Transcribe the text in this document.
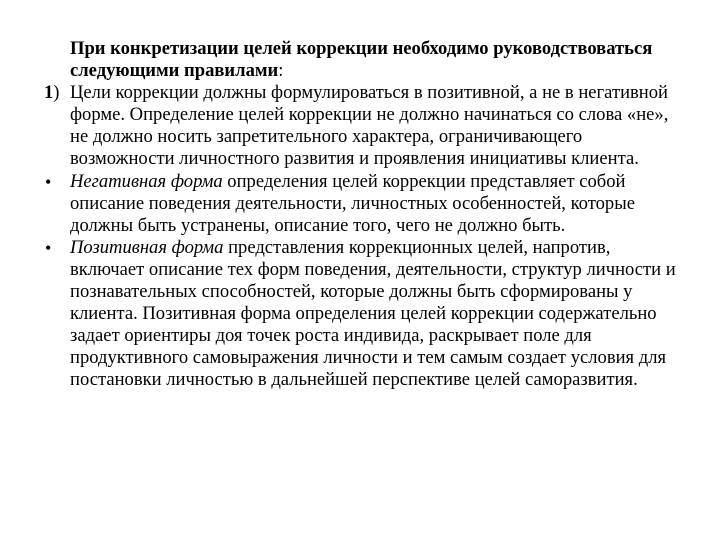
При конкретизации целей коррекции необходимо руководствоваться следующими правилами:

1) Цели коррекции должны формулироваться в позитивной, а не в негативной форме. Определение целей коррекции не должно начинаться со слова «не», не должно носить запретительного характера, ограничивающего возможности личностного развития и проявления инициативы клиента.

• Негативная форма определения целей коррекции представляет собой описание поведения деятельности, личностных особенностей, которые должны быть устранены, описание того, чего не должно быть.

• Позитивная форма представления коррекционных целей, напротив, включает описание тех форм поведения, деятельности, структур личности и познавательных способностей, которые должны быть сформированы у клиента. Позитивная форма определения целей коррекции содержательно задает ориентиры доя точек роста индивида, раскрывает поле для продуктивного самовыражения личности и тем самым создает условия для постановки личностью в дальнейшей перспективе целей саморазвития.
